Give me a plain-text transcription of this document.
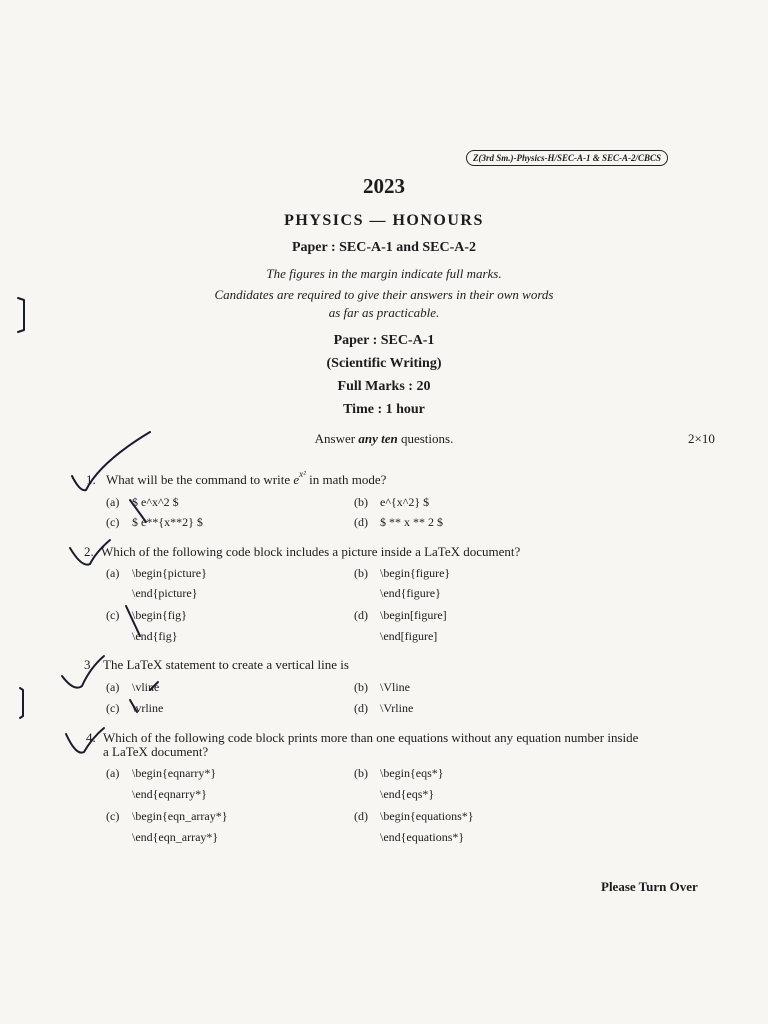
Z(3rd Sm.)-Physics-H/SEC-A-1 & SEC-A-2/CBCS
2023
PHYSICS — HONOURS
Paper : SEC-A-1 and SEC-A-2
The figures in the margin indicate full marks.
Candidates are required to give their answers in their own words
as far as practicable.
Paper : SEC-A-1
(Scientific Writing)
Full Marks : 20
Time : 1 hour
Answer any ten questions.	2×10
1. What will be the command to write $e^{x^2}$ in math mode?
(a) $ e^x^2 $	(b) e^{x^2} $
(c) $ e**{x**2} $	(d) $ ** x ** 2 $
2. Which of the following code block includes a picture inside a LaTeX document?
(a) \begin{picture}
\end{picture}
(b) \begin{figure}
\end{figure}
(c) \begin{fig}
\end{fig}
(d) \begin[figure]
\end[figure]
3. The LaTeX statement to create a vertical line is
(a) \vline	(b) \Vline
(c) \vrline	(d) \Vrline
4. Which of the following code block prints more than one equations without any equation number inside
a LaTeX document?
(a) \begin{eqnarry*}
\end{eqnarry*}
(b) \begin{eqs*}
\end{eqs*}
(c) \begin{eqn_array*}
\end{eqn_array*}
(d) \begin{equations*}
\end{equations*}
Please Turn Over
